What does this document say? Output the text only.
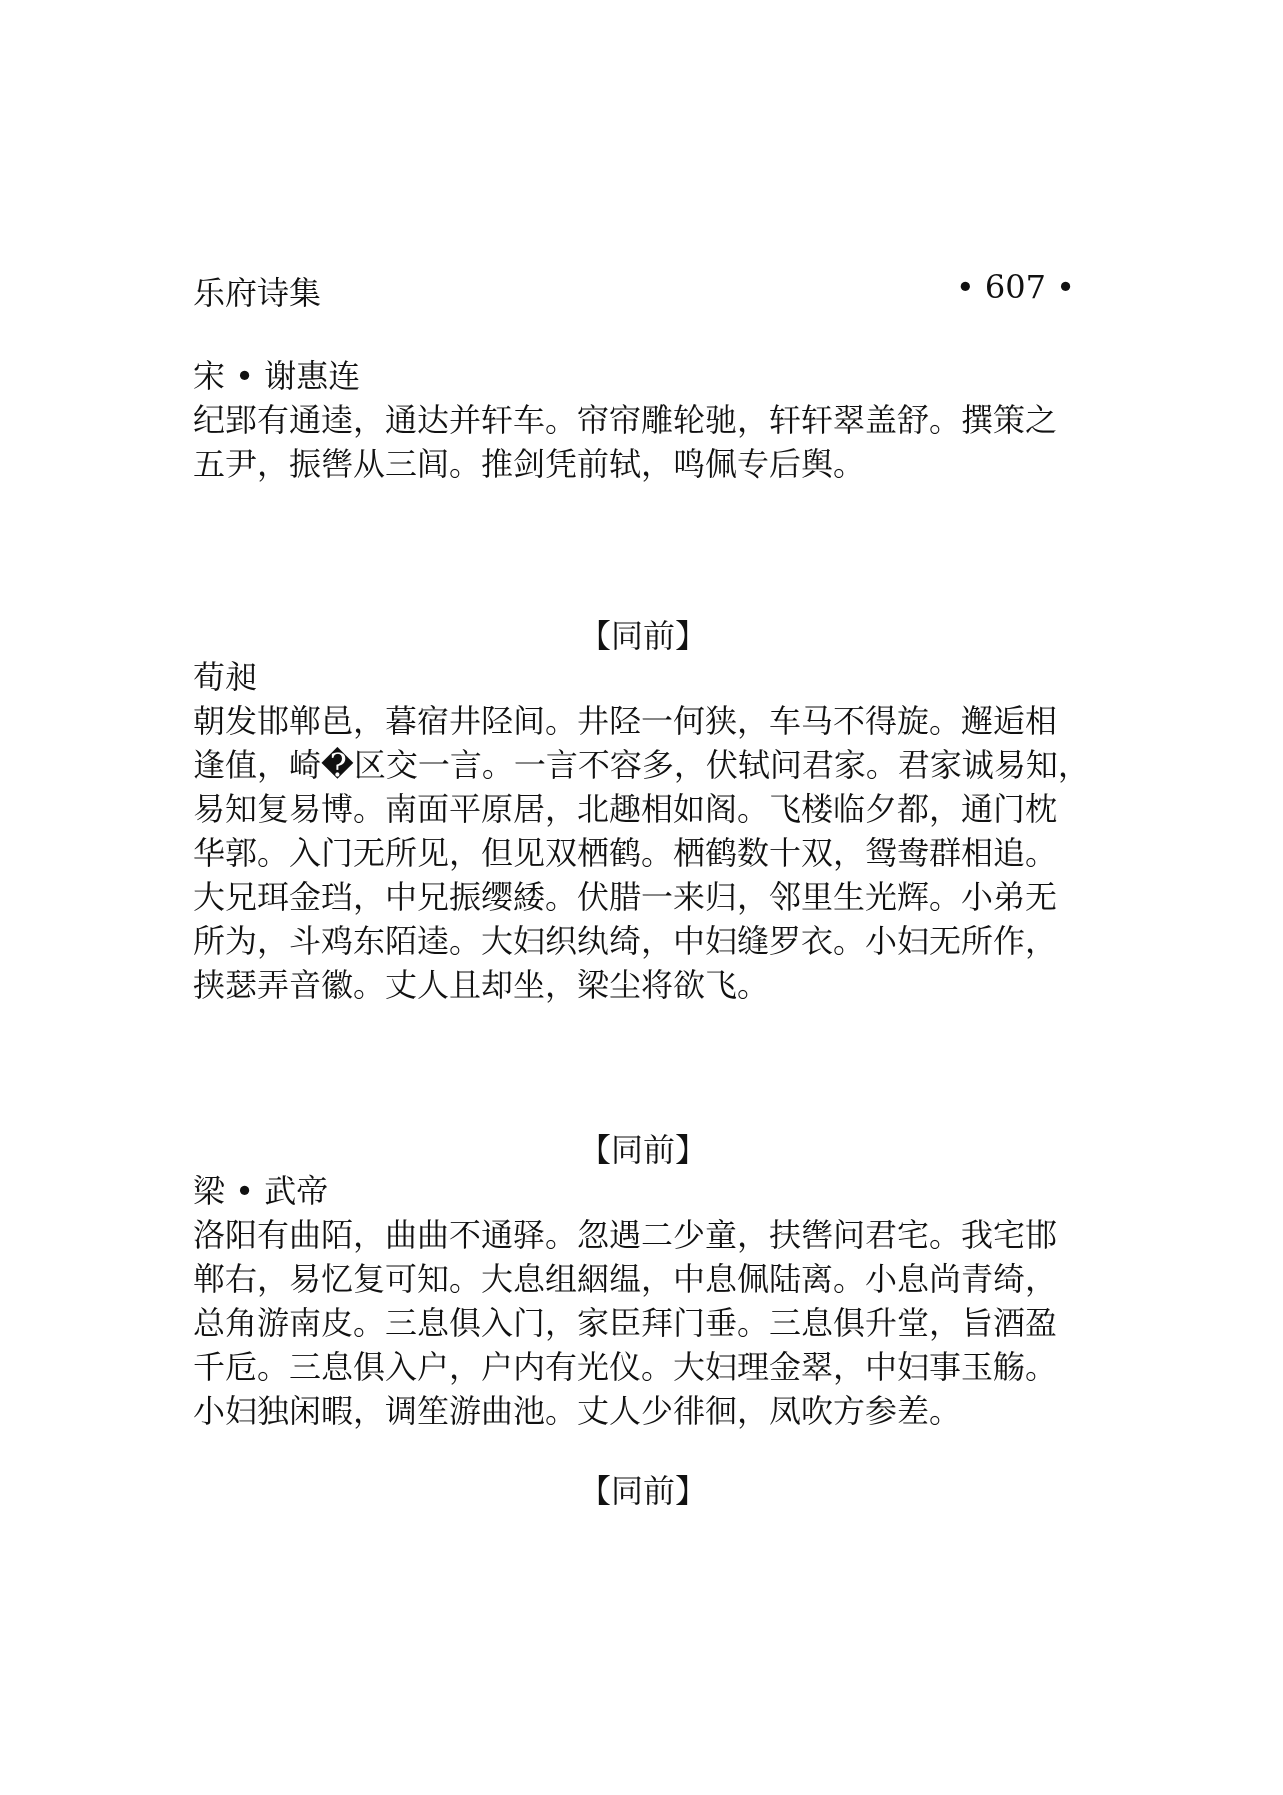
乐府诗集	• 607 •
宋 • 谢惠连
纪郢有通逵，通达并轩车。帘帘雕轮驰，轩轩翠盖舒。撰策之
五尹，振辔从三闾。推剑凭前轼，鸣佩专后舆。
【同前】
荀昶
朝发邯郸邑，暮宿井陉间。井陉一何狭，车马不得旋。邂逅相
逢值，崎�区交一言。一言不容多，伏轼问君家。君家诚易知，
易知复易博。南面平原居，北趣相如阁。飞楼临夕都，通门枕
华郭。入门无所见，但见双栖鹤。栖鹤数十双，鸳鸯群相追。
大兄珥金珰，中兄振缨緌。伏腊一来归，邻里生光辉。小弟无
所为，斗鸡东陌逵。大妇织纨绮，中妇缝罗衣。小妇无所作，
挟瑟弄音徽。丈人且却坐，梁尘将欲飞。
【同前】
梁 • 武帝
洛阳有曲陌，曲曲不通驿。忽遇二少童，扶辔问君宅。我宅邯
郸右，易忆复可知。大息组絪缊，中息佩陆离。小息尚青绮，
总角游南皮。三息俱入门，家臣拜门垂。三息俱升堂，旨酒盈
千卮。三息俱入户，户内有光仪。大妇理金翠，中妇事玉觞。
小妇独闲暇，调笙游曲池。丈人少徘徊，凤吹方参差。
【同前】
